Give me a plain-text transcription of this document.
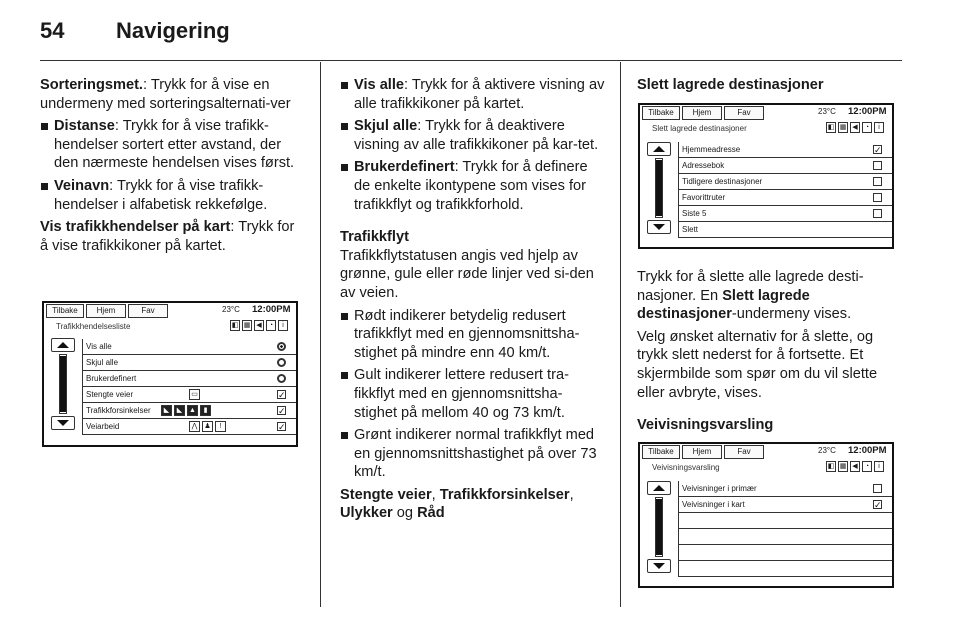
54 Navigering

Sorteringsmet.: Trykk for å vise en undermeny med sorteringsalternati-ver

Distanse: Trykk for å vise trafikk-hendelser sortert etter avstand, der den nærmeste hendelsen vises først.
Veinavn: Trykk for å vise trafikk-hendelser i alfabetisk rekkefølge.

Vis trafikkhendelser på kart: Trykk for å vise trafikkikoner på kartet.

Tilbake	Hjem	Fav	23°C 12:00PM
Trafikkhendelsesliste	◧ ▦ ◀	◔	i
Vis alle
Skjul alle
Brukerdefinert
Stengte veier	▭	✓
Trafikkforsinkelser	◣	◣ ▲	▮	✓
Veiarbeid	⋀ ♟	!	✓
Vis alle: Trykk for å aktivere visning av alle trafikkikoner på kartet.
Skjul alle: Trykk for å deaktivere visning av alle trafikkikoner på kar-tet.
Brukerdefinert: Trykk for å definere de enkelte ikontypene som vises for trafikkflyt og trafikkforhold.
Trafikkflyt

Trafikkflytstatusen angis ved hjelp av grønne, gule eller røde linjer ved si-den av veien.

Rødt indikerer betydelig redusert trafikkflyt med en gjennomsnittsha-stighet på mindre enn 40 km/t.
Gult indikerer lettere redusert tra-fikkflyt med en gjennomsnittsha-stighet på mellom 40 og 73 km/t.
Grønt indikerer normal trafikkflyt med en gjennomsnittshastighet på over 73 km/t.

Stengte veier, Trafikkforsinkelser,
Ulykker og Råd

Slett lagrede destinasjoner
Tilbake	Hjem	Fav	23°C 12:00PM
Slett lagrede destinasjoner	◧ ▦ ◀	◔	i
Hjemmeadresse	✓
Adressebok
Tidligere destinasjoner
Favorittruter
Siste 5
Slett

Trykk for å slette alle lagrede desti-nasjoner. En Slett lagrede destinasjoner-undermeny vises.

Velg ønsket alternativ for å slette, og trykk slett nederst for å fortsette. Et skjermbilde som spør om du vil slette eller avbryte, vises.

Veivisningsvarsling
Tilbake	Hjem	Fav	23°C 12:00PM
Veivisningsvarsling	◧ ▦ ◀	◔	i
Veivisninger i primær
Veivisninger i kart	✓
